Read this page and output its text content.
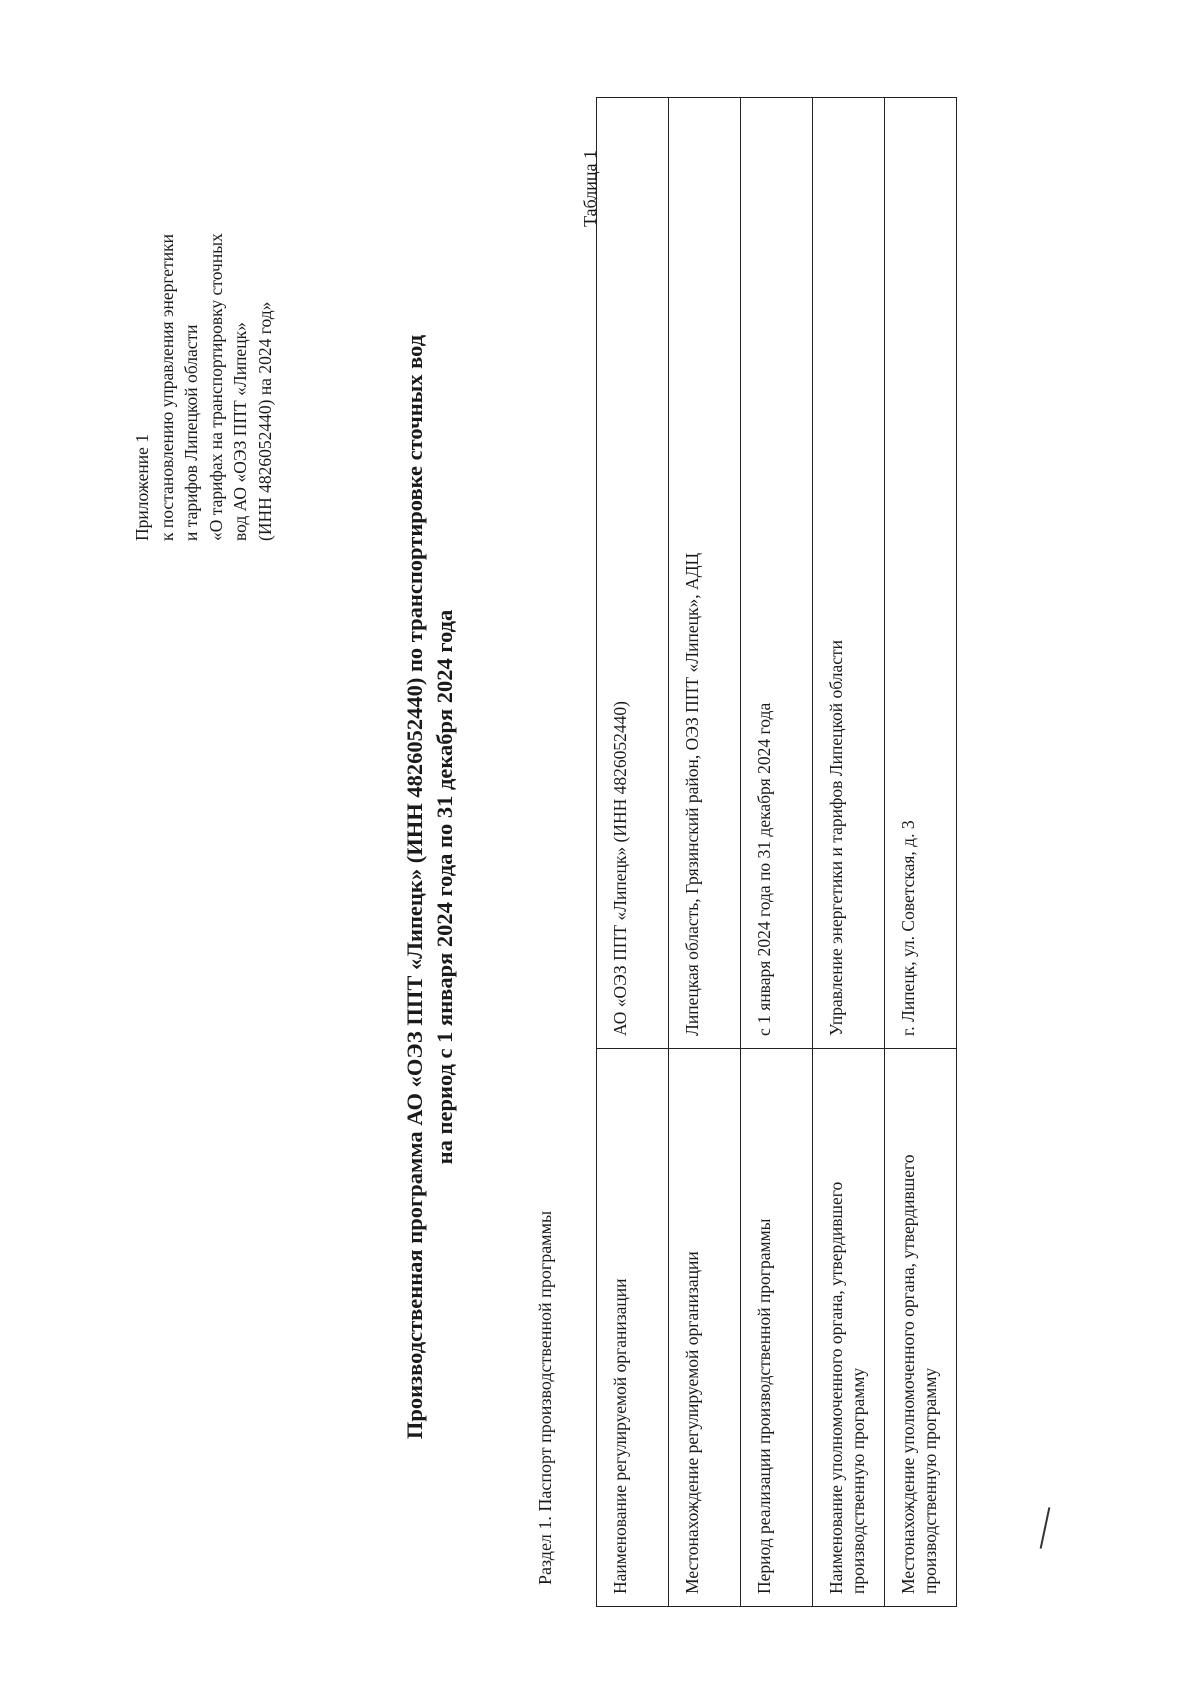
Приложение 1 к постановлению управления энергетики и тарифов Липецкой области «О тарифах на транспортировку сточных вод АО «ОЭЗ ППТ «Липецк» (ИНН 4826052440) на 2024 год»	Производственная программа АО «ОЭЗ ППТ «Липецк» (ИНН 4826052440) по транспортировке сточных вод на период с 1 января 2024 года по 31 декабря 2024 года
Раздел 1. Паспорт производственной программы
Таблица 1
Наименование регулируемой организации	АО «ОЭЗ ППТ «Липецк» (ИНН 4826052440)
Местонахождение регулируемой организации	Липецкая область, Грязинский район, ОЭЗ ППТ «Липецк», АДЦ
Период реализации производственной программы	с 1 января 2024 года по 31 декабря 2024 года
Наименование уполномоченного органа, утвердившего производственную программу	Управление энергетики и тарифов Липецкой области
Местонахождение уполномоченного органа, утвердившего производственную программу	г. Липецк, ул. Советская, д. 3
